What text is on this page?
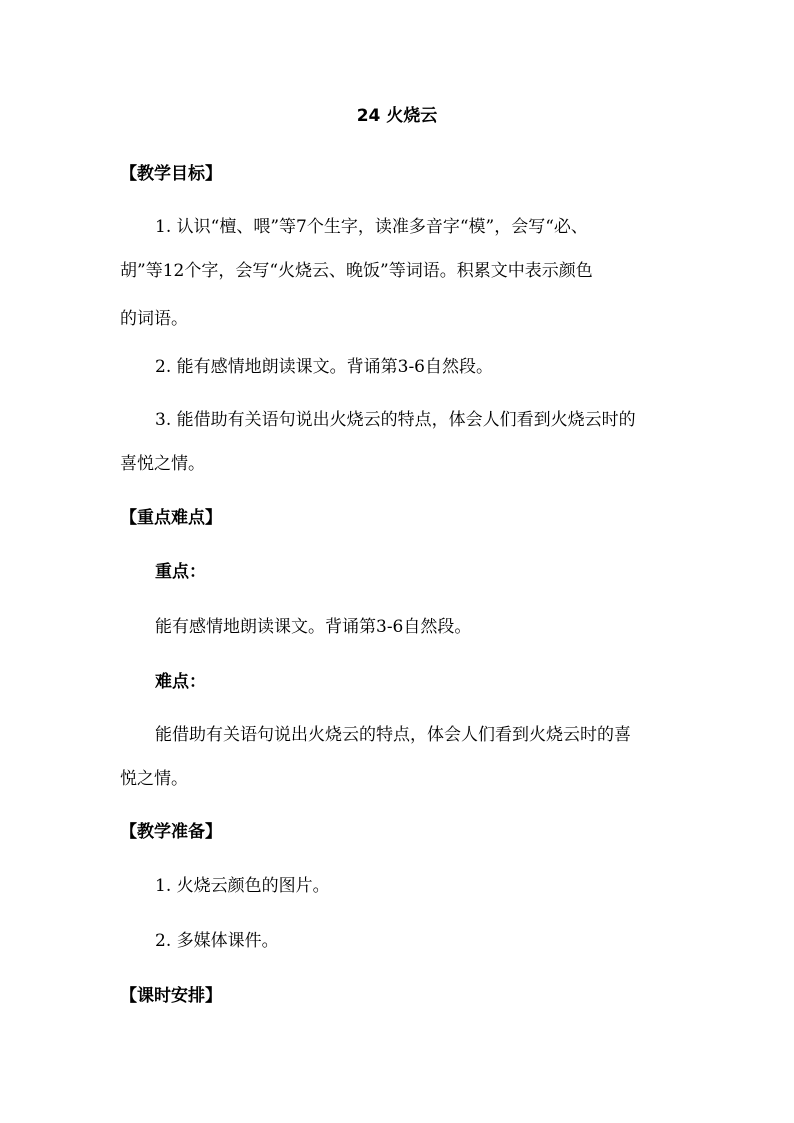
24 火烧云
【教学目标】
1. 认识“檀、喂”等7个生字，读准多音字“模”，会写“必、
胡”等12个字，会写“火烧云、晚饭”等词语。积累文中表示颜色
的词语。
2. 能有感情地朗读课文。背诵第3-6自然段。
3. 能借助有关语句说出火烧云的特点，体会人们看到火烧云时的
喜悦之情。
【重点难点】
重点：
能有感情地朗读课文。背诵第3-6自然段。
难点：
能借助有关语句说出火烧云的特点，体会人们看到火烧云时的喜
悦之情。
【教学准备】
1. 火烧云颜色的图片。
2. 多媒体课件。
【课时安排】
